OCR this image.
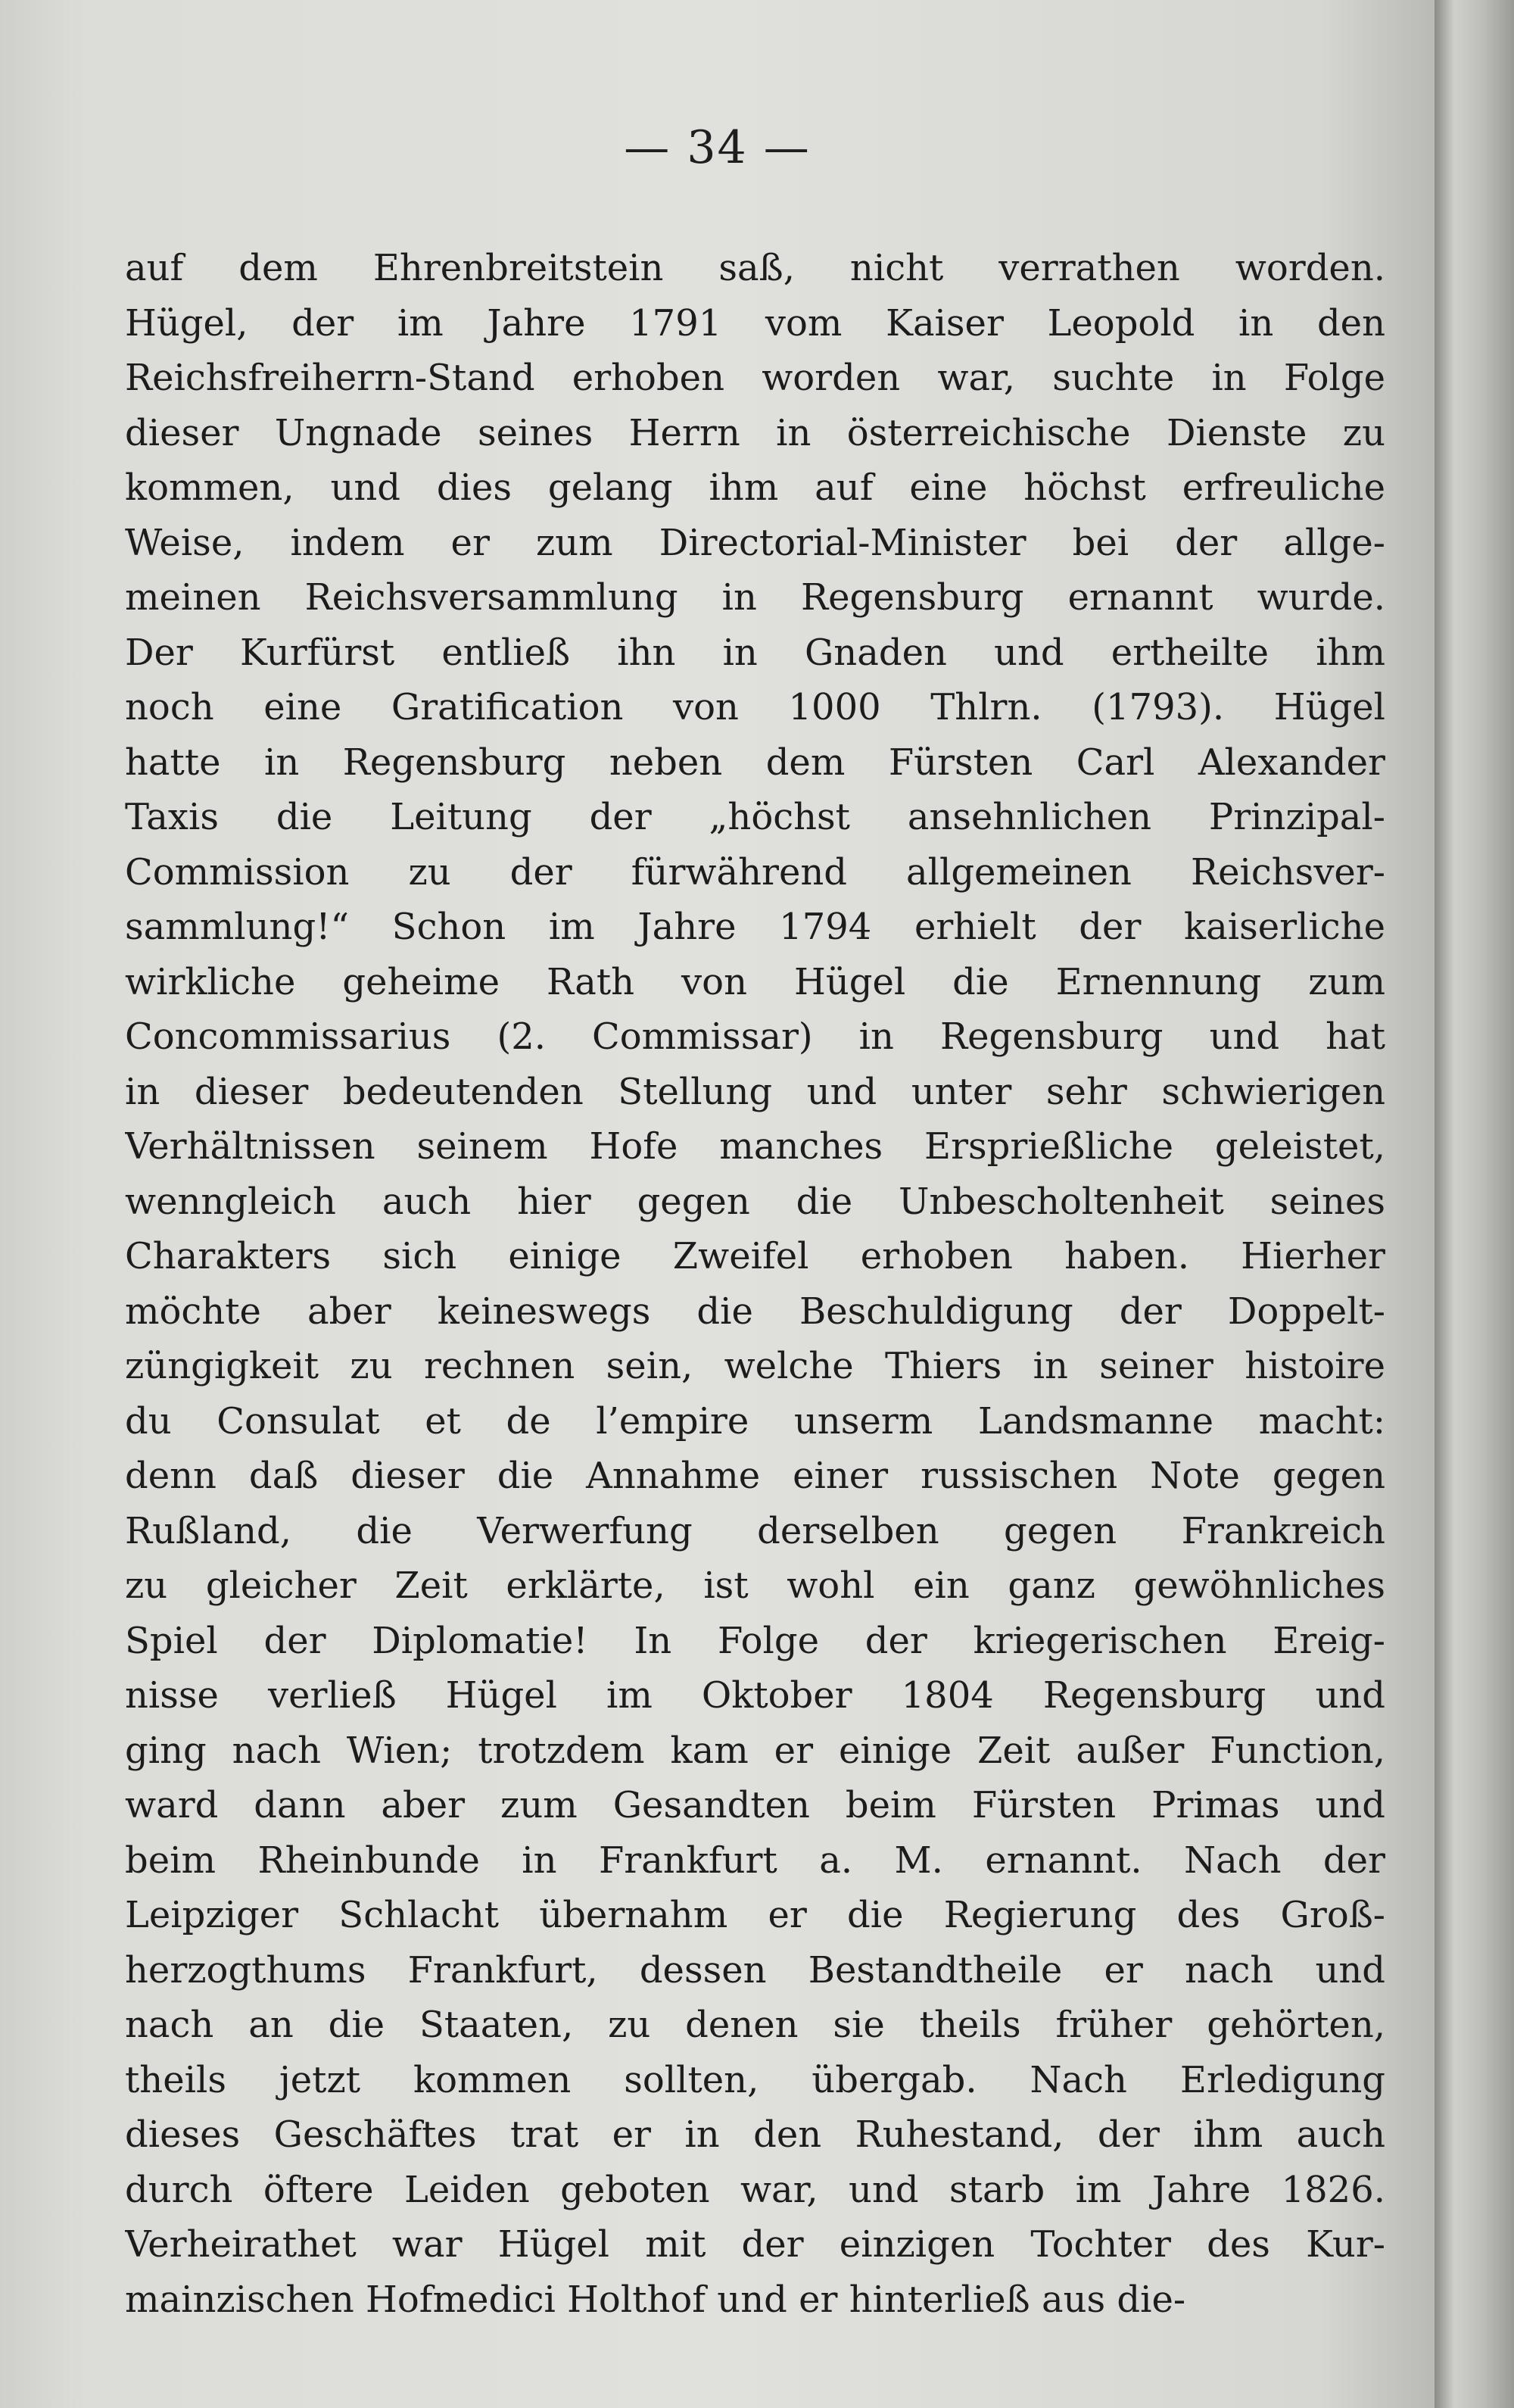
— 34 —
auf dem Ehrenbreitstein saß, nicht verrathen worden.
Hügel, der im Jahre 1791 vom Kaiser Leopold in den
Reichsfreiherrn-Stand erhoben worden war, suchte in Folge
dieser Ungnade seines Herrn in österreichische Dienste zu
kommen, und dies gelang ihm auf eine höchst erfreuliche
Weise, indem er zum Directorial-Minister bei der allge-
meinen Reichsversammlung in Regensburg ernannt wurde.
Der Kurfürst entließ ihn in Gnaden und ertheilte ihm
noch eine Gratification von 1000 Thlrn. (1793). Hügel
hatte in Regensburg neben dem Fürsten Carl Alexander
Taxis die Leitung der „höchst ansehnlichen Prinzipal-
Commission zu der fürwährend allgemeinen Reichsver-
sammlung!“ Schon im Jahre 1794 erhielt der kaiserliche
wirkliche geheime Rath von Hügel die Ernennung zum
Concommissarius (2. Commissar) in Regensburg und hat
in dieser bedeutenden Stellung und unter sehr schwierigen
Verhältnissen seinem Hofe manches Ersprießliche geleistet,
wenngleich auch hier gegen die Unbescholtenheit seines
Charakters sich einige Zweifel erhoben haben. Hierher
möchte aber keineswegs die Beschuldigung der Doppelt-
züngigkeit zu rechnen sein, welche Thiers in seiner histoire
du Consulat et de l’empire unserm Landsmanne macht:
denn daß dieser die Annahme einer russischen Note gegen
Rußland, die Verwerfung derselben gegen Frankreich
zu gleicher Zeit erklärte, ist wohl ein ganz gewöhnliches
Spiel der Diplomatie! In Folge der kriegerischen Ereig-
nisse verließ Hügel im Oktober 1804 Regensburg und
ging nach Wien; trotzdem kam er einige Zeit außer Function,
ward dann aber zum Gesandten beim Fürsten Primas und
beim Rheinbunde in Frankfurt a. M. ernannt. Nach der
Leipziger Schlacht übernahm er die Regierung des Groß-
herzogthums Frankfurt, dessen Bestandtheile er nach und
nach an die Staaten, zu denen sie theils früher gehörten,
theils jetzt kommen sollten, übergab. Nach Erledigung
dieses Geschäftes trat er in den Ruhestand, der ihm auch
durch öftere Leiden geboten war, und starb im Jahre 1826.
Verheirathet war Hügel mit der einzigen Tochter des Kur-
mainzischen Hofmedici Holthof und er hinterließ aus die-
